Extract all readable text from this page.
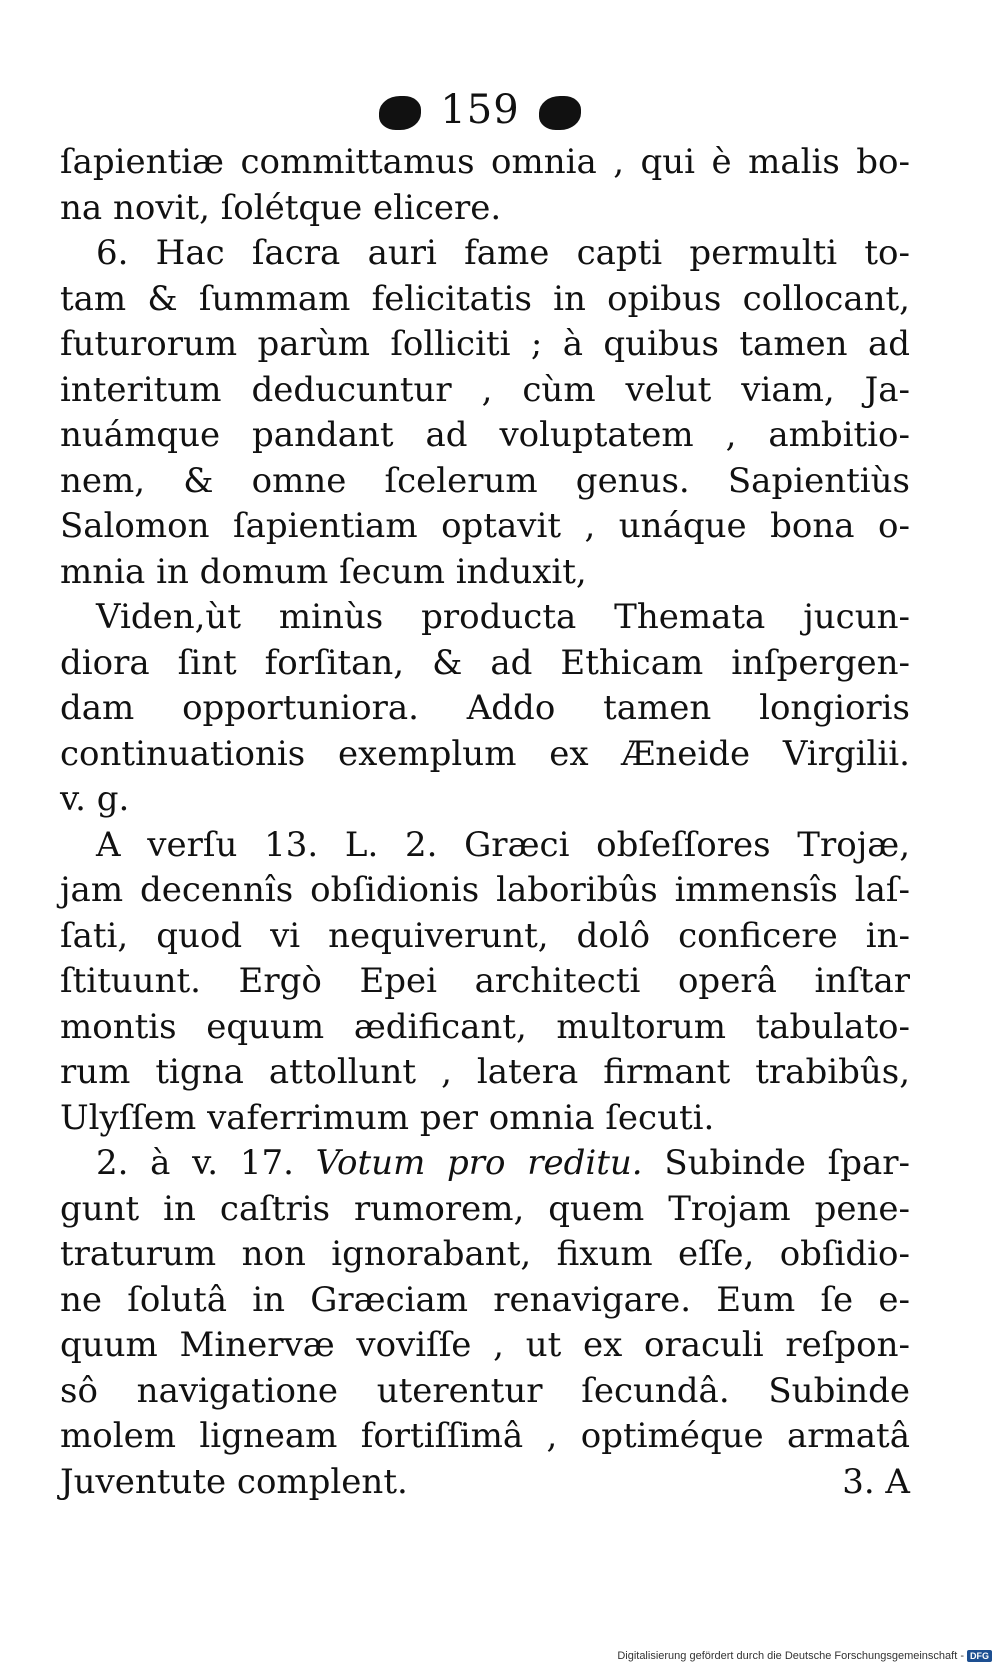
159
ſapientiæ committamus omnia , qui è malis bo-
na novit, ſolétque elicere.
6. Hac ſacra auri fame capti permulti to-
tam & ſummam felicitatis in opibus collocant,
futurorum parùm ſolliciti ; à quibus tamen ad
interitum deducuntur , cùm velut viam, Ja-
nuámque pandant ad voluptatem , ambitio-
nem, & omne ſcelerum genus. Sapientiùs
Salomon ſapientiam optavit , unáque bona o-
mnia in domum ſecum induxit,
Viden,ùt minùs producta Themata jucun-
diora ſint forſitan, & ad Ethicam inſpergen-
dam opportuniora. Addo tamen longioris
continuationis exemplum ex Æneide Virgilii.
v. g.
A verſu 13. L. 2. Græci obſeſſores Trojæ,
jam decennîs obſidionis laboribûs immensîs laſ-
ſati, quod vi nequiverunt, dolô conficere in-
ſtituunt. Ergò Epei architecti operâ inſtar
montis equum ædificant, multorum tabulato-
rum tigna attollunt , latera firmant trabibûs,
Ulyſſem vaferrimum per omnia ſecuti.
2. à v. 17. Votum pro reditu. Subinde ſpar-
gunt in caſtris rumorem, quem Trojam pene-
traturum non ignorabant, fixum eſſe, obſidio-
ne ſolutâ in Græciam renavigare. Eum ſe e-
quum Minervæ voviſſe , ut ex oraculi reſpon-
sô navigatione uterentur ſecundâ. Subinde
molem ligneam fortiſſimâ , optiméque armatâ
Juventute complent.	3. A
Digitalisierung gefördert durch die Deutsche Forschungsgemeinschaft - DFG
